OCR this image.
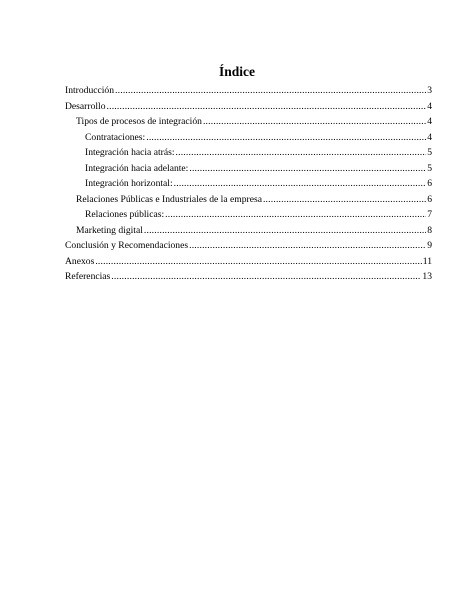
Índice
Introducción .....	3
Desarrollo .....	4
Tipos de procesos de integración .....	4
Contrataciones: .....	4
Integración hacia atrás: .....	5
Integración hacia adelante: .....	5
Integración horizontal: .....	6
Relaciones Públicas e Industriales de la empresa .....	6
Relaciones públicas: .....	7
Marketing digital .....	8
Conclusión y Recomendaciones .....	9
Anexos .....	11
Referencias .....	13
